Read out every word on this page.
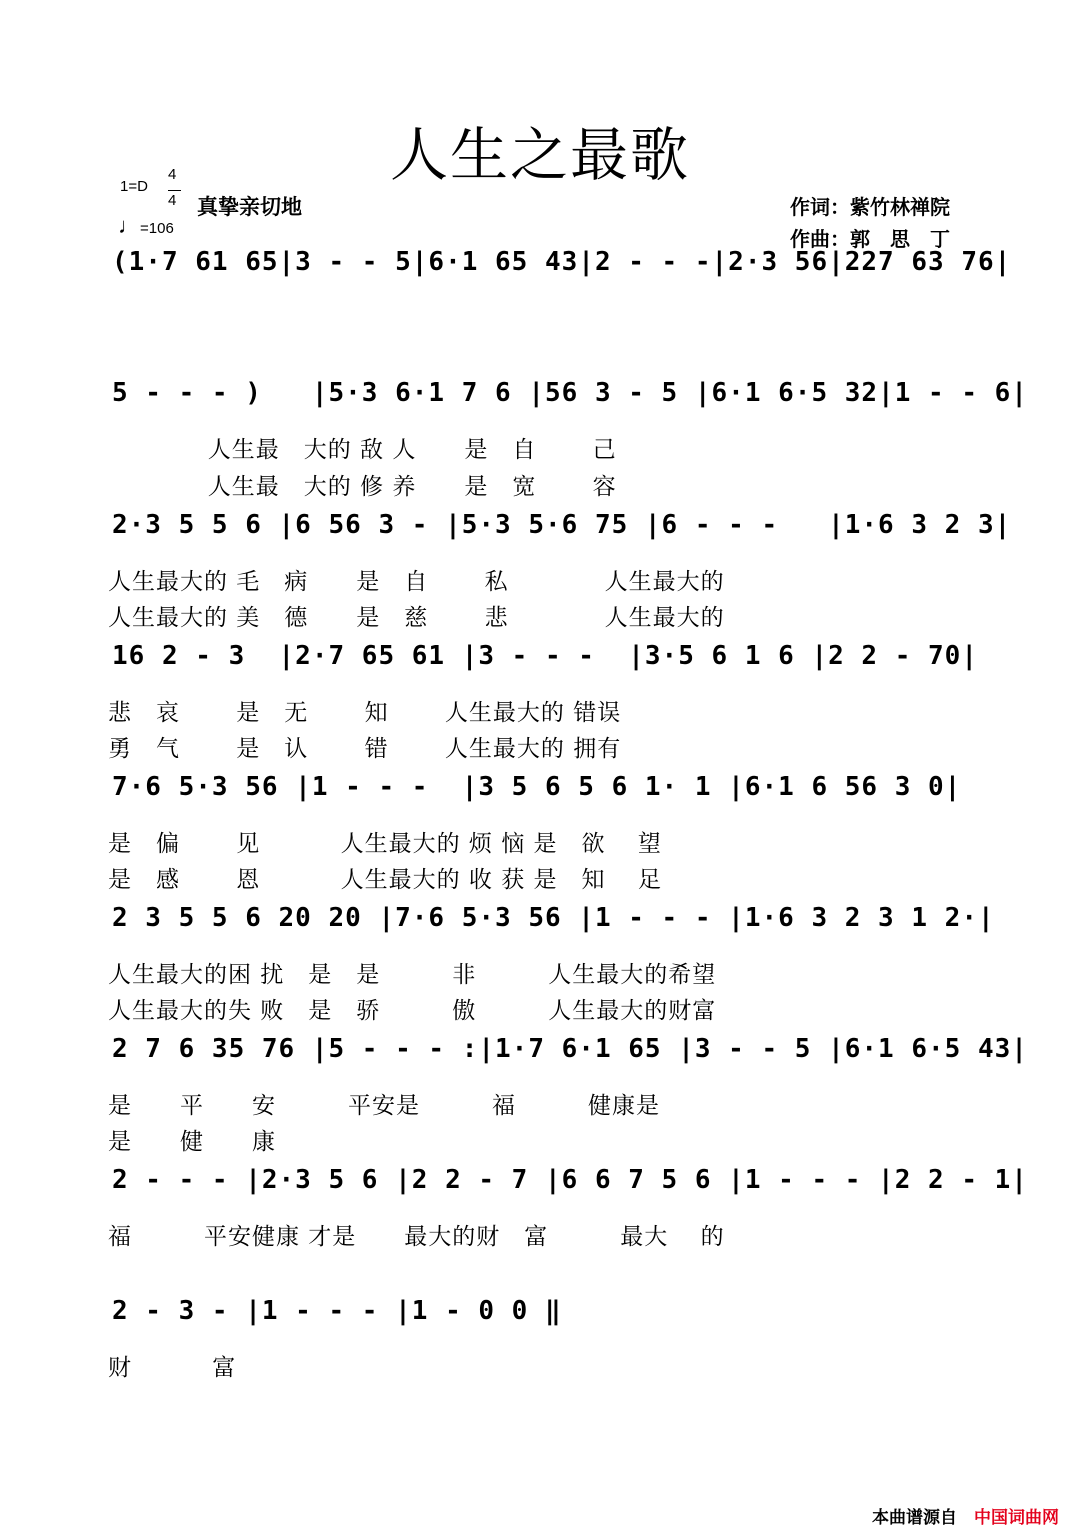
人生之最歌
1=D
4
4
♩=106
真挚亲切地	作词：紫竹林禅院
作曲：郭　思　丁
(1·7 61 65|3 - - 5|6·1 65 43|2 - - -|2·3 56|227 63 76|
5 - - - )   |5·3 6·1 7 6 |56 3 - 5 |6·1 6·5 32|1 - - 6|
人生最　大的 敌 人　　是　自　　 己
人生最　大的 修 养　　是　宽　　 容
2·3 5 5 6 |6 56 3 - |5·3 5·6 75 |6 - - -   |1·6 3 2 3|
人生最大的 毛　病　　是　自　　 私　　　　人生最大的
人生最大的 美　德　　是　慈　　 悲　　　　人生最大的
16 2 - 3  |2·7 65 61 |3 - - -  |3·5 6 1 6 |2 2 - 70|
悲　哀　　 是　无　　 知　　 人生最大的 错误
勇　气　　 是　认　　 错　　 人生最大的 拥有
7·6 5·3 56 |1 - - -  |3 5 6 5 6 1· 1 |6·1 6 56 3 0|
是　偏　　 见　　　 人生最大的 烦 恼 是　欲　 望
是　感　　 恩　　　 人生最大的 收 获 是　知　 足
2 3 5 5 6 20 20 |7·6 5·3 56 |1 - - - |1·6 3 2 3 1 2·|
人生最大的困 扰　是　是　　　非　　　人生最大的希望
人生最大的失 败　是　骄　　　傲　　　人生最大的财富
2 7 6 35 76 |5 - - - :|1·7 6·1 65 |3 - - 5 |6·1 6·5 43|
是　　平　　安　　　平安是　　　福　　　健康是
是　　健　　康
2 - - - |2·3 5 6 |2 2 - 7 |6 6 7 5 6 |1 - - - |2 2 - 1|
福　　　平安健康 才是　　最大的财　富　　　最大　 的
2 - 3 - |1 - - - |1 - 0 0 ‖
财　　　 富
本曲谱源自　 中国词曲网
